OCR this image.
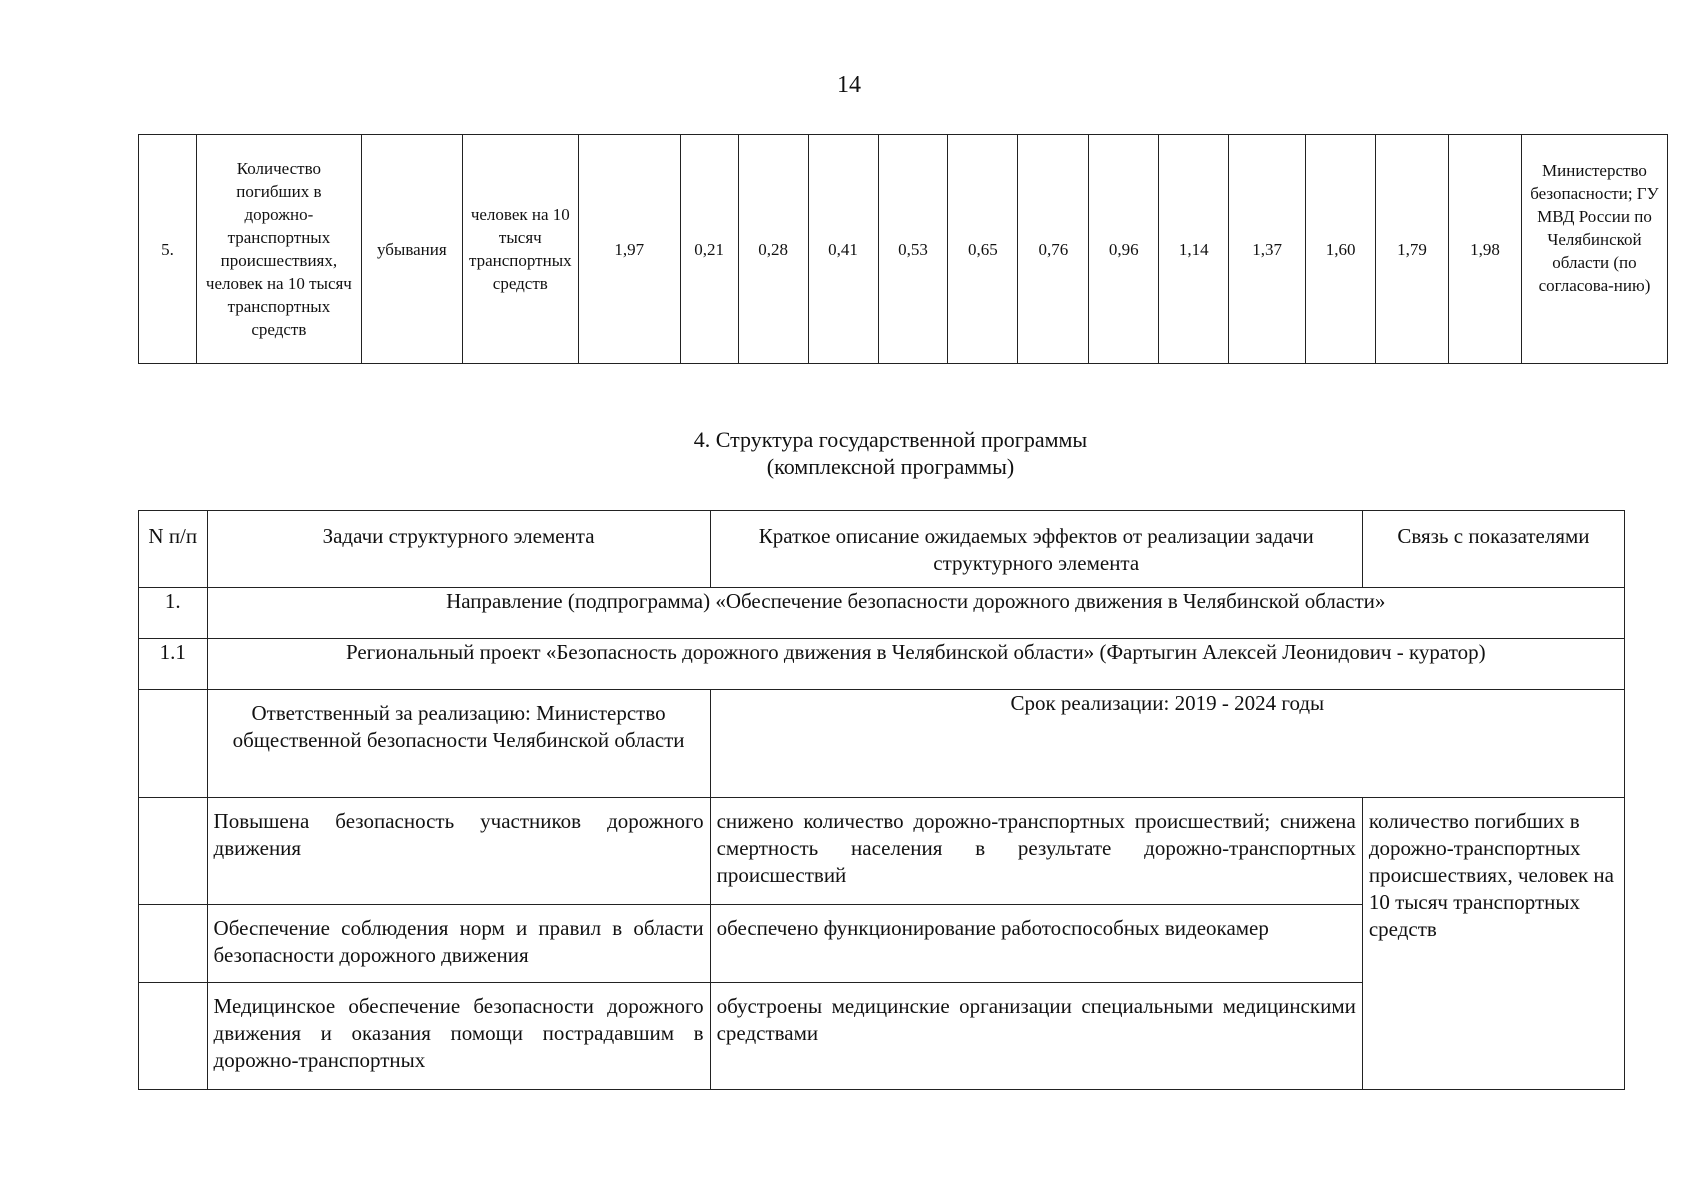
14
5.	Количество погибших в дорожно-транспортных происшествиях, человек на 10 тысяч транспортных средств	убывания	человек на 10 тысяч транспортных средств	1,97	0,21	0,28	0,41	0,53	0,65	0,76	0,96	1,14	1,37	1,60	1,79	1,98	Министерство безопасности; ГУ МВД России по Челябинской области (по согласова-нию)
4. Структура государственной программы
(комплексной программы)
N п/п	Задачи структурного элемента	Краткое описание ожидаемых эффектов от реализации задачи структурного элемента	Связь с показателями
1.	Направление (подпрограмма) «Обеспечение безопасности дорожного движения в Челябинской области»		
1.1	Региональный проект «Безопасность дорожного движения в Челябинской области» (Фартыгин Алексей Леонидович - куратор)		
	Ответственный за реализацию: Министерство общественной безопасности Челябинской области	Срок реализации: 2019 - 2024 годы	
	Повышена безопасность участников дорожного движения	снижено количество дорожно-транспортных происшествий; снижена смертность населения в результате дорожно-транспортных происшествий	количество погибших в дорожно-транспортных происшествиях, человек на 10 тысяч транспортных средств
	Обеспечение соблюдения норм и правил в области безопасности дорожного движения	обеспечено функционирование работоспособных видеокамер	
	Медицинское обеспечение безопасности дорожного движения и оказания помощи пострадавшим в дорожно-транспортных	обустроены медицинские организации специальными медицинскими средствами	
